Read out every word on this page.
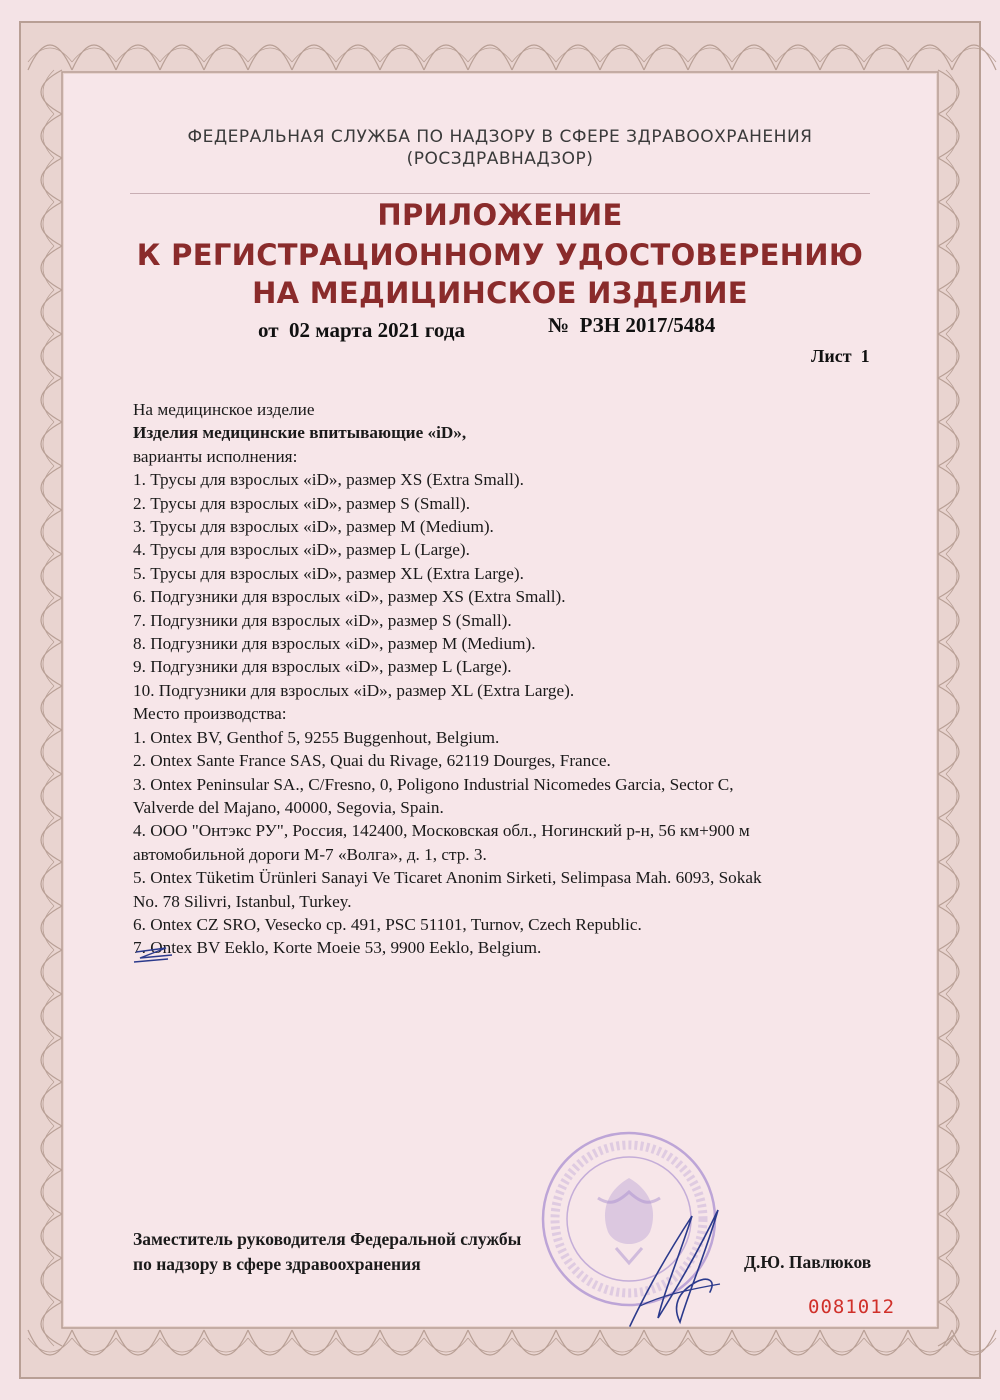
ФЕДЕРАЛЬНАЯ СЛУЖБА ПО НАДЗОРУ В СФЕРЕ ЗДРАВООХРАНЕНИЯ
(РОСЗДРАВНАДЗОР)
ПРИЛОЖЕНИЕ
К РЕГИСТРАЦИОННОМУ УДОСТОВЕРЕНИЮ
НА МЕДИЦИНСКОЕ ИЗДЕЛИЕ
от  02 марта 2021 года	№  РЗН 2017/5484
Лист  1
На медицинское изделие
Изделия медицинские впитывающие «iD»,
варианты исполнения:
1. Трусы для взрослых «iD», размер XS (Extra Small).
2. Трусы для взрослых «iD», размер S (Small).
3. Трусы для взрослых «iD», размер M (Medium).
4. Трусы для взрослых «iD», размер L (Large).
5. Трусы для взрослых «iD», размер XL (Extra Large).
6. Подгузники для взрослых «iD», размер XS (Extra Small).
7. Подгузники для взрослых «iD», размер S (Small).
8. Подгузники для взрослых «iD», размер M (Medium).
9. Подгузники для взрослых «iD», размер L (Large).
10. Подгузники для взрослых «iD», размер XL (Extra Large).
Место производства:
1. Ontex BV, Genthof 5, 9255 Buggenhout, Belgium.
2. Ontex Sante France SAS, Quai du Rivage, 62119 Dourges, France.
3. Ontex Peninsular SA., C/Fresno, 0, Poligono Industrial Nicomedes Garcia, Sector C,
Valverde del Majano, 40000, Segovia, Spain.
4. ООО "Онтэкс РУ", Россия, 142400, Московская обл., Ногинский р-н, 56 км+900 м
автомобильной дороги М-7 «Волга», д. 1, стр. 3.
5. Ontex Tüketim Ürünleri Sanayi Ve Ticaret Anonim Sirketi, Selimpasa Mah. 6093, Sokak
No. 78 Silivri, Istanbul, Turkey.
6. Ontex CZ SRO, Vesecko cp. 491, PSC 51101, Turnov, Czech Republic.
7. Ontex BV Eeklo, Korte Moeie 53, 9900 Eeklo, Belgium.
Заместитель руководителя Федеральной службы
по надзору в сфере здравоохранения	Д.Ю. Павлюков
0081012
